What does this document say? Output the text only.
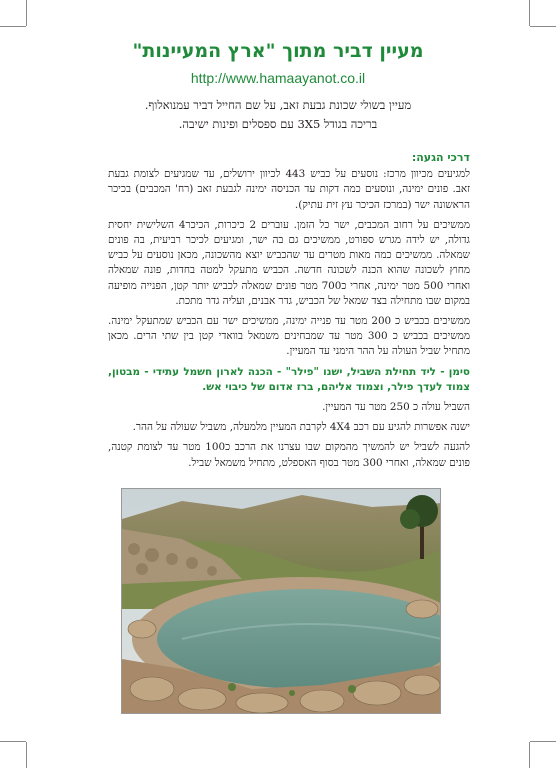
מעיין דביר מתוך "ארץ המעיינות"
http://www.hamaayanot.co.il
מעיין בשולי שכונת גבעת זאב, על שם החייל דביר עמנואלוף.
בריכה בגודל 3X5 עם ספסלים ופינות ישיבה.
דרכי הגעה:

למגיעים מכיוון מרכז: נוסעים על כביש 443 לכיוון ירושלים, עד שמגיעים לצומת גבעת זאב. פונים ימינה, ונוסעים כמה דקות עד הכניסה ימינה לגבעת זאב (רח' המכבים) בכיכר הראשונה ישר (במרכז הכיכר עץ זית עתיק).

ממשיכים על רחוב המכבים, ישר כל הזמן. עוברים 2 כיכרות, הכיכר4 השלישית יחסית גדולה, יש לידה מגרש ספורט, ממשיכים גם בה ישר, ומגיעים לכיכר רביעית, בה פונים שמאלה. ממשיכים כמה מאות מטרים עד שהכביש יוצא מהשכונה, מכאן נוסעים על כביש מחוץ לשכונה שהוא הכנה לשכונה חדשה. הכביש מתעקל למטה בחדות, פונה שמאלה ואחרי 500 מטר ימינה, אחרי כ700 מטר פונים שמאלה לכביש יותר קטן, הפנייה מופיעה במקום שבו מתחילה בצד שמאל של הכביש, גדר אבנים, ועליה גדר מתכת.

ממשיכים בכביש כ 200 מטר עד פנייה ימינה, ממשיכים ישר עם הכביש שמתעקל ימינה. ממשיכים בכביש כ 300 מטר עד שמבחינים משמאל בוואדי קטן בין שתי הרים. מכאן מתחיל שביל העולה על ההר הימני עד המעיין.

סימן - ליד תחילת השביל, ישנו "פילר" - הכנה לארון חשמל עתידי - מבטון, צמוד לעדך פילר, וצמוד אליהם, ברז אדום של כיבוי אש.

השביל עולה כ 250 מטר עד המעיין.

ישנה אפשרות להגיע עם רכב 4X4 לקרבת המעיין מלמעלה, משביל שעולה על ההר.

להגעה לשביל יש להמשיך מהמקום שבו עצרנו את הרכב כ100 מטר עד לצומת קטנה, פונים שמאלה, ואחרי 300 מטר בסוף האספלט, מתחיל משמאל שביל.
